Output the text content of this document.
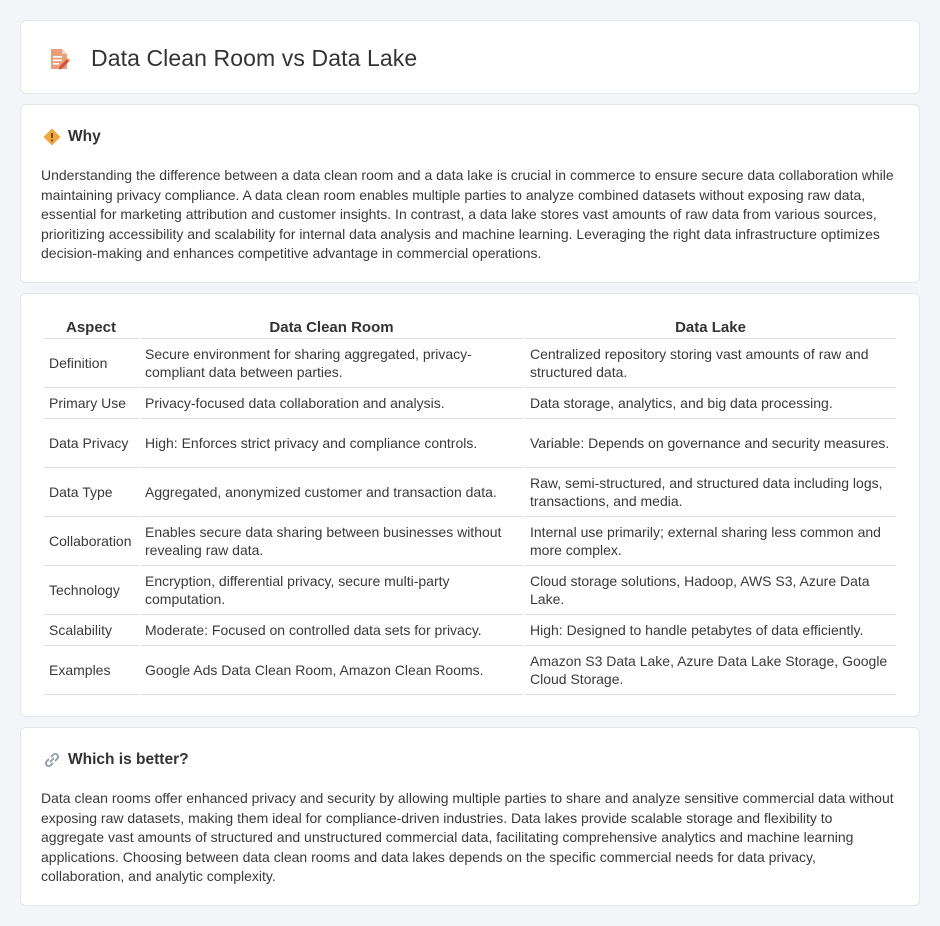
Data Clean Room vs Data Lake
Why

Understanding the difference between a data clean room and a data lake is crucial in commerce to ensure secure data collaboration while maintaining privacy compliance. A data clean room enables multiple parties to analyze combined datasets without exposing raw data, essential for marketing attribution and customer insights. In contrast, a data lake stores vast amounts of raw data from various sources, prioritizing accessibility and scalability for internal data analysis and machine learning. Leveraging the right data infrastructure optimizes decision-making and enhances competitive advantage in commercial operations.

Aspect	Data Clean Room	Data Lake
Definition	Secure environment for sharing aggregated, privacy-compliant data between parties.	Centralized repository storing vast amounts of raw and structured data.
Primary Use	Privacy-focused data collaboration and analysis.	Data storage, analytics, and big data processing.
Data Privacy	High: Enforces strict privacy and compliance controls.	Variable: Depends on governance and security measures.
Data Type	Aggregated, anonymized customer and transaction data.	Raw, semi-structured, and structured data including logs, transactions, and media.
Collaboration	Enables secure data sharing between businesses without revealing raw data.	Internal use primarily; external sharing less common and more complex.
Technology	Encryption, differential privacy, secure multi-party computation.	Cloud storage solutions, Hadoop, AWS S3, Azure Data Lake.
Scalability	Moderate: Focused on controlled data sets for privacy.	High: Designed to handle petabytes of data efficiently.
Examples	Google Ads Data Clean Room, Amazon Clean Rooms.	Amazon S3 Data Lake, Azure Data Lake Storage, Google Cloud Storage.
Which is better?

Data clean rooms offer enhanced privacy and security by allowing multiple parties to share and analyze sensitive commercial data without exposing raw datasets, making them ideal for compliance-driven industries. Data lakes provide scalable storage and flexibility to aggregate vast amounts of structured and unstructured commercial data, facilitating comprehensive analytics and machine learning applications. Choosing between data clean rooms and data lakes depends on the specific commercial needs for data privacy, collaboration, and analytic complexity.
